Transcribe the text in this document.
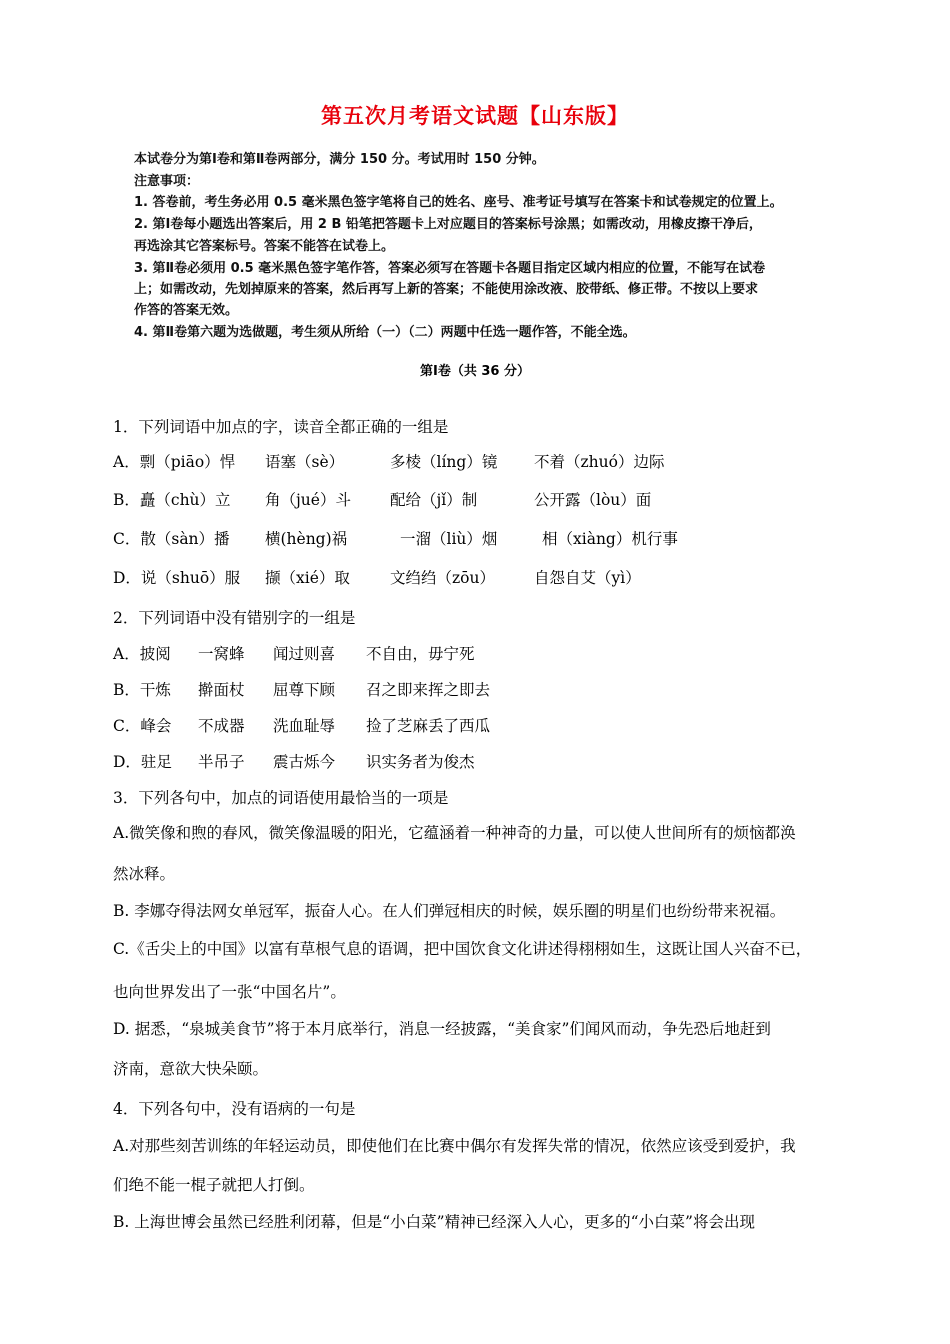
第五次月考语文试题【山东版】
本试卷分为第Ⅰ卷和第Ⅱ卷两部分，满分 150 分。考试用时 150 分钟。
注意事项：
1. 答卷前，考生务必用 0.5 毫米黑色签字笔将自己的姓名、座号、准考证号填写在答案卡和试卷规定的位置上。
2. 第Ⅰ卷每小题选出答案后，用 2 B 铅笔把答题卡上对应题目的答案标号涂黑；如需改动，用橡皮擦干净后，
再选涂其它答案标号。答案不能答在试卷上。
3. 第Ⅱ卷必须用 0.5 毫米黑色签字笔作答，答案必须写在答题卡各题目指定区域内相应的位置，不能写在试卷
上；如需改动，先划掉原来的答案，然后再写上新的答案；不能使用涂改液、胶带纸、修正带。不按以上要求
作答的答案无效。
4. 第Ⅱ卷第六题为选做题，考生须从所给（一）（二）两题中任选一题作答，不能全选。
第Ⅰ卷（共 36 分）
1．下列词语中加点的字，读音全都正确的一组是
A．剽（piāo）悍 语塞（sè）	多棱（líng）镜 不着（zhuó）边际
B．矗（chù）立 角（jué）斗	配给（jǐ）制	公开露（lòu）面
C．散（sàn）播 横(hèng)祸	一溜（liù）烟	相（xiàng）机行事
D．说（shuō）服 撷（xié）取	文绉绉（zōu）	自怨自艾（yì）
2．下列词语中没有错别字的一组是
A．披阅 一窝蜂 闻过则喜 不自由，毋宁死
B．干炼 擀面杖 屈尊下顾 召之即来挥之即去
C．峰会 不成器 洗血耻辱 捡了芝麻丢了西瓜
D．驻足 半吊子 震古烁今 识实务者为俊杰
3．下列各句中，加点的词语使用最恰当的一项是
A.微笑像和煦的春风，微笑像温暖的阳光，它蕴涵着一种神奇的力量，可以使人世间所有的烦恼都涣
然冰释。
B. 李娜夺得法网女单冠军，振奋人心。在人们弹冠相庆的时候，娱乐圈的明星们也纷纷带来祝福。
C.《舌尖上的中国》以富有草根气息的语调，把中国饮食文化讲述得栩栩如生，这既让国人兴奋不已，
也向世界发出了一张“中国名片”。
D. 据悉，“泉城美食节”将于本月底举行，消息一经披露，“美食家”们闻风而动，争先恐后地赶到
济南，意欲大快朵颐。
4．下列各句中，没有语病的一句是
A.对那些刻苦训练的年轻运动员，即使他们在比赛中偶尔有发挥失常的情况，依然应该受到爱护，我
们绝不能一棍子就把人打倒。
B. 上海世博会虽然已经胜利闭幕，但是“小白菜”精神已经深入人心，更多的“小白菜”将会出现
